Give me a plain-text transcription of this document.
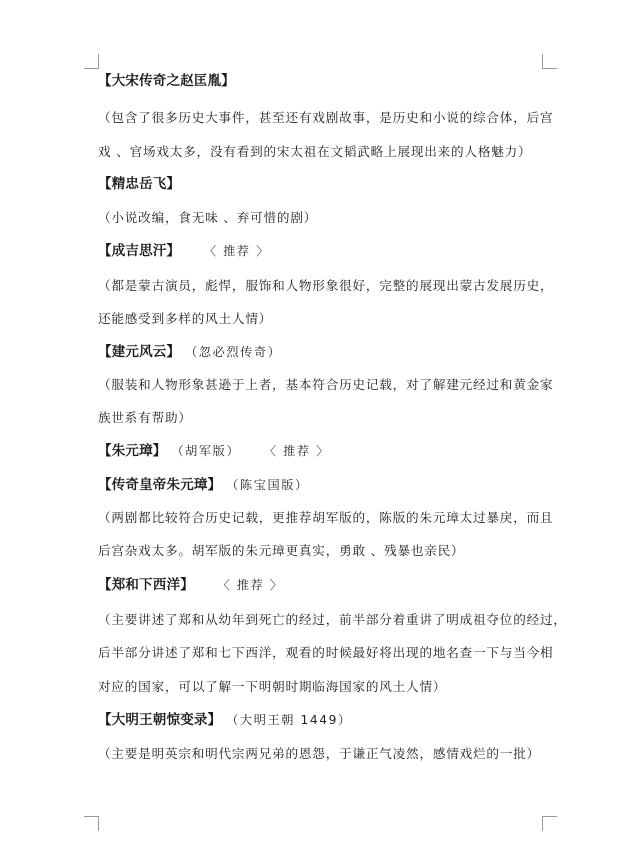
【大宋传奇之赵匡胤】
（包含了很多历史大事件，甚至还有戏剧故事，是历史和小说的综合体，后宫
戏 、官场戏太多，没有看到的宋太祖在文韬武略上展现出来的人格魅力）
【精忠岳飞】
（小说改编，食无味 、弃可惜的剧）
【成吉思汗】 〈 推荐 〉
（都是蒙古演员，彪悍，服饰和人物形象很好，完整的展现出蒙古发展历史，
还能感受到多样的风土人情）
【建元风云】 （忽必烈传奇）
（服装和人物形象甚逊于上者，基本符合历史记载，对了解建元经过和黄金家
族世系有帮助）
【朱元璋】 （胡军版） 〈 推荐 〉
【传奇皇帝朱元璋】 （陈宝国版）
（两剧都比较符合历史记载，更推荐胡军版的，陈版的朱元璋太过暴戾，而且
后宫杂戏太多。胡军版的朱元璋更真实，勇敢 、残暴也亲民）
【郑和下西洋】 〈 推荐 〉
（主要讲述了郑和从幼年到死亡的经过，前半部分着重讲了明成祖夺位的经过，
后半部分讲述了郑和七下西洋，观看的时候最好将出现的地名查一下与当今相
对应的国家，可以了解一下明朝时期临海国家的风土人情）
【大明王朝惊变录】 （大明王朝 1449）
（主要是明英宗和明代宗两兄弟的恩怨，于谦正气凌然，感情戏烂的一批）
